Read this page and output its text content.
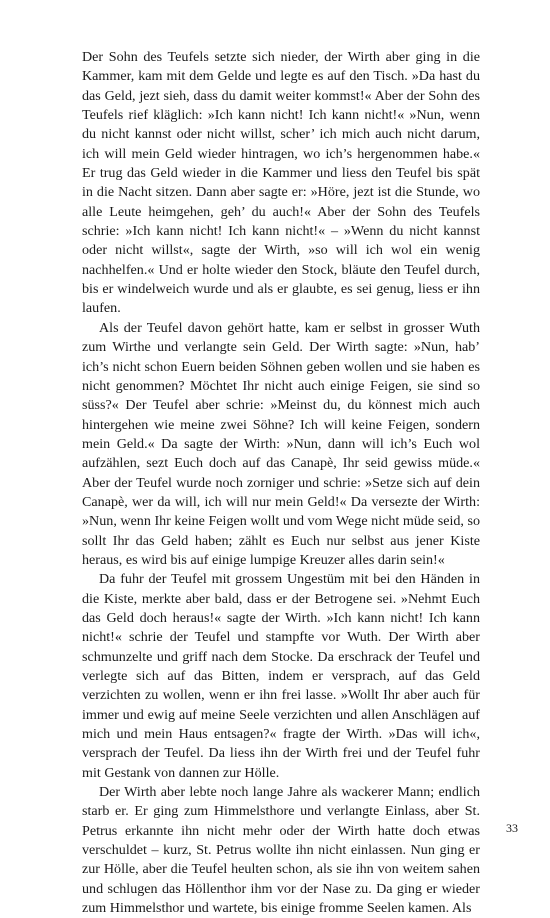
Der Sohn des Teufels setzte sich nieder, der Wirth aber ging in die Kammer, kam mit dem Gelde und legte es auf den Tisch. »Da hast du das Geld, jezt sieh, dass du damit weiter kommst!« Aber der Sohn des Teufels rief kläglich: »Ich kann nicht! Ich kann nicht!« »Nun, wenn du nicht kannst oder nicht willst, scher’ ich mich auch nicht darum, ich will mein Geld wieder hintragen, wo ich’s hergenommen habe.« Er trug das Geld wieder in die Kammer und liess den Teufel bis spät in die Nacht sitzen. Dann aber sagte er: »Höre, jezt ist die Stunde, wo alle Leute heimgehen, geh’ du auch!« Aber der Sohn des Teufels schrie: »Ich kann nicht! Ich kann nicht!« – »Wenn du nicht kannst oder nicht willst«, sagte der Wirth, »so will ich wol ein wenig nachhelfen.« Und er holte wieder den Stock, bläute den Teufel durch, bis er windelweich wurde und als er glaubte, es sei genug, liess er ihn laufen.

Als der Teufel davon gehört hatte, kam er selbst in grosser Wuth zum Wirthe und verlangte sein Geld. Der Wirth sagte: »Nun, hab’ ich’s nicht schon Euern beiden Söhnen geben wollen und sie haben es nicht genommen? Möchtet Ihr nicht auch einige Feigen, sie sind so süss?« Der Teufel aber schrie: »Meinst du, du könnest mich auch hintergehen wie meine zwei Söhne? Ich will keine Feigen, sondern mein Geld.« Da sagte der Wirth: »Nun, dann will ich’s Euch wol aufzählen, sezt Euch doch auf das Canapè, Ihr seid gewiss müde.« Aber der Teufel wurde noch zorniger und schrie: »Setze sich auf dein Canapè, wer da will, ich will nur mein Geld!« Da versezte der Wirth: »Nun, wenn Ihr keine Feigen wollt und vom Wege nicht müde seid, so sollt Ihr das Geld haben; zählt es Euch nur selbst aus jener Kiste heraus, es wird bis auf einige lumpige Kreuzer alles darin sein!«

Da fuhr der Teufel mit grossem Ungestüm mit bei den Händen in die Kiste, merkte aber bald, dass er der Betrogene sei. »Nehmt Euch das Geld doch heraus!« sagte der Wirth. »Ich kann nicht! Ich kann nicht!« schrie der Teufel und stampfte vor Wuth. Der Wirth aber schmunzelte und griff nach dem Stocke. Da erschrack der Teufel und verlegte sich auf das Bitten, indem er versprach, auf das Geld verzichten zu wollen, wenn er ihn frei lasse. »Wollt Ihr aber auch für immer und ewig auf meine Seele verzichten und allen Anschlägen auf mich und mein Haus entsagen?« fragte der Wirth. »Das will ich«, versprach der Teufel. Da liess ihn der Wirth frei und der Teufel fuhr mit Gestank von dannen zur Hölle.

Der Wirth aber lebte noch lange Jahre als wackerer Mann; endlich starb er. Er ging zum Himmelsthore und verlangte Einlass, aber St. Petrus erkannte ihn nicht mehr oder der Wirth hatte doch etwas verschuldet – kurz, St. Petrus wollte ihn nicht einlassen. Nun ging er zur Hölle, aber die Teufel heulten schon, als sie ihn von weitem sahen und schlugen das Höllenthor ihm vor der Nase zu. Da ging er wieder zum Himmelsthor und wartete, bis einige fromme Seelen kamen. Als

33
